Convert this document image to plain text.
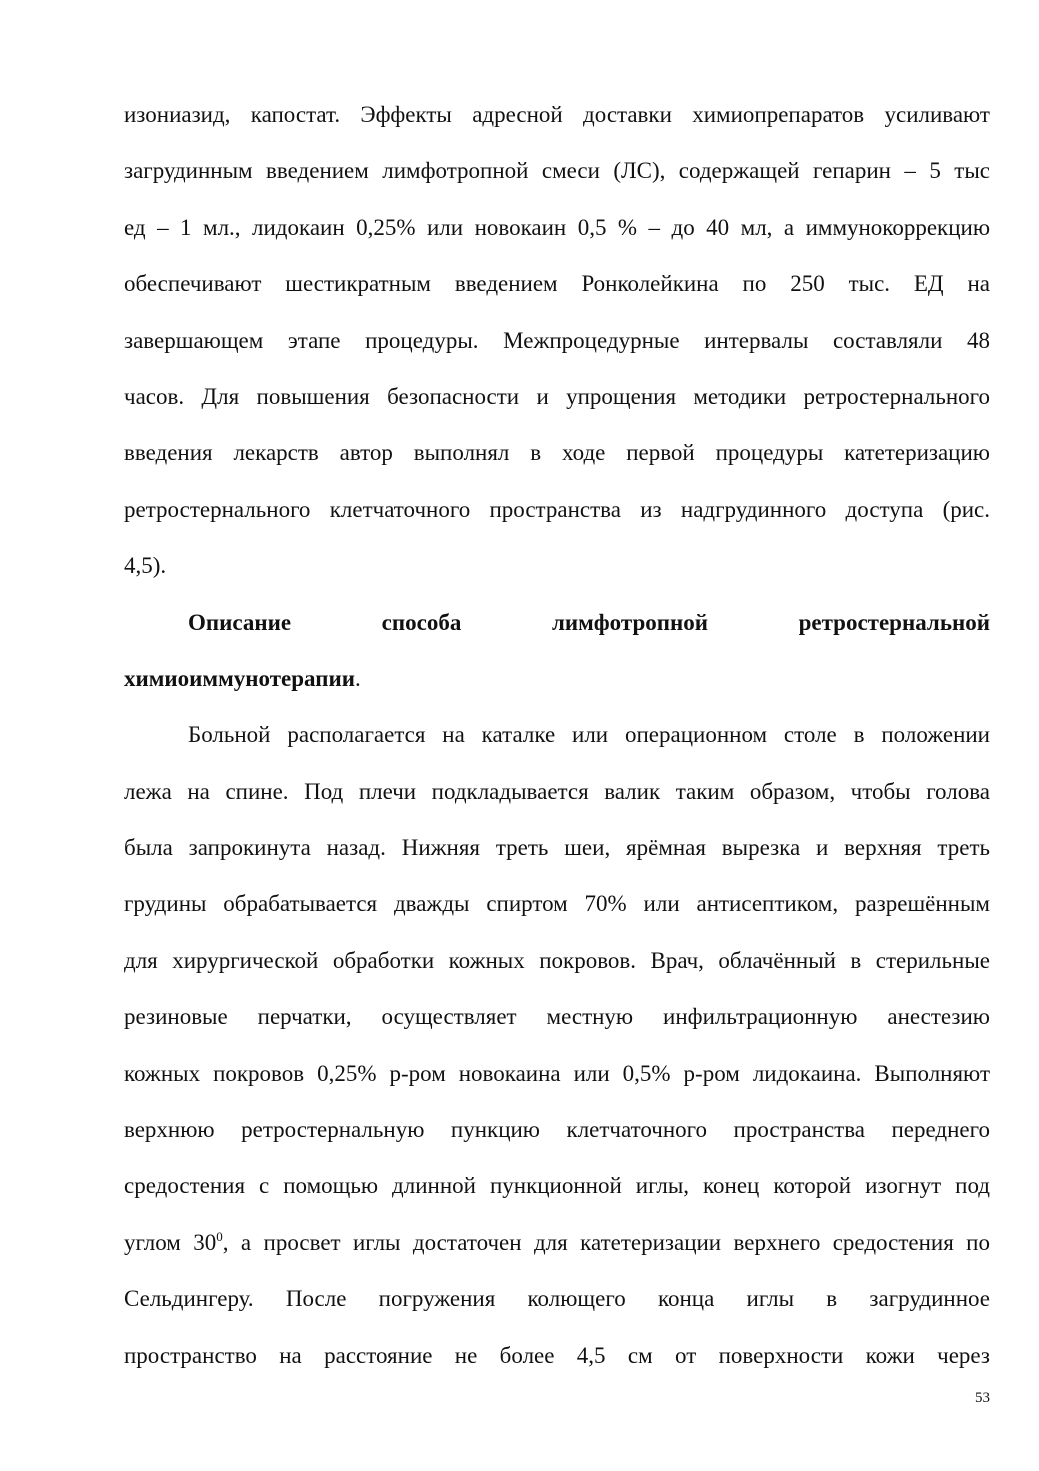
изониазид, капостат. Эффекты адресной доставки химиопрепаратов усиливают
загрудинным введением лимфотропной смеси (ЛС), содержащей гепарин – 5 тыс
ед – 1 мл., лидокаин 0,25% или новокаин 0,5 % – до 40 мл, а иммунокоррекцию
обеспечивают шестикратным введением Ронколейкина по 250 тыс. ЕД на
завершающем этапе процедуры. Межпроцедурные интервалы составляли 48
часов. Для повышения безопасности и упрощения методики ретростернального
введения лекарств автор выполнял в ходе первой процедуры катетеризацию
ретростернального клетчаточного пространства из надгрудинного доступа (рис.
4,5).
Описание способа лимфотропной ретростернальной
химиоиммунотерапии.
Больной располагается на каталке или операционном столе в положении
лежа на спине. Под плечи подкладывается валик таким образом, чтобы голова
была запрокинута назад. Нижняя треть шеи, ярёмная вырезка и верхняя треть
грудины обрабатывается дважды спиртом 70% или антисептиком, разрешённым
для хирургической обработки кожных покровов. Врач, облачённый в стерильные
резиновые перчатки, осуществляет местную инфильтрационную анестезию
кожных покровов 0,25% р-ром новокаина или 0,5% р-ром лидокаина. Выполняют
верхнюю ретростернальную пункцию клетчаточного пространства переднего
средостения с помощью длинной пункционной иглы, конец которой изогнут под
углом $30^0$, а просвет иглы достаточен для катетеризации верхнего средостения по
Сельдингеру. После погружения колющего конца иглы в загрудинное
пространство на расстояние не более 4,5 см от поверхности кожи через
53
